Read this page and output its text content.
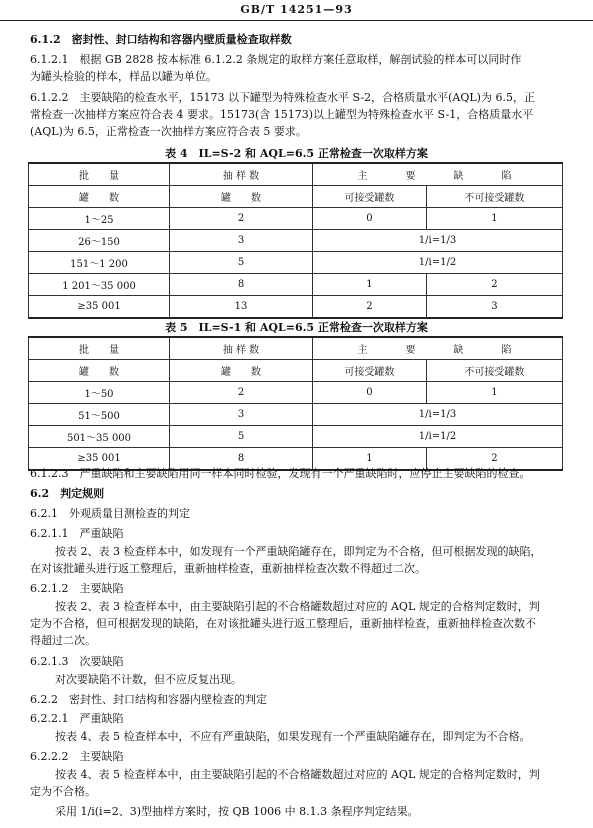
GB/T 14251—93
6.1.2　密封性、封口结构和容器内壁质量检查取样数
6.1.2.1　根据 GB 2828 按本标准 6.1.2.2 条规定的取样方案任意取样，解剖试验的样本可以同时作
为罐头检验的样本，样品以罐为单位。
6.1.2.2　主要缺陷的检查水平，15173 以下罐型为特殊检查水平 S-2，合格质量水平(AQL)为 6.5，正
常检查一次抽样方案应符合表 4 要求。15173(含 15173)以上罐型为特殊检查水平 S-1，合格质量水平
(AQL)为 6.5，正常检查一次抽样方案应符合表 5 要求。
表 4　IL=S-2 和 AQL=6.5 正常检查一次取样方案
批　　量	抽 样 数	主　　要　　缺　　陷	
罐　　数	罐　　数	可接受罐数	不可接受罐数
1～25	2	0	1
26～150	3	1/i=1/3	
151～1 200	5	1/i=1/2	
1 201～35 000	8	1	2
≥35 001	13	2	3
表 5　IL=S-1 和 AQL=6.5 正常检查一次取样方案
批　　量	抽 样 数	主　　要　　缺　　陷	
罐　　数	罐　　数	可接受罐数	不可接受罐数
1～50	2	0	1
51～500	3	1/i=1/3	
501～35 000	5	1/i=1/2	
≥35 001	8	1	2
6.1.2.3　严重缺陷和主要缺陷用同一样本同时检验，发现有一个严重缺陷时，应停止主要缺陷的检查。
6.2　判定规则
6.2.1　外观质量目测检查的判定
6.2.1.1　严重缺陷
按表 2、表 3 检查样本中，如发现有一个严重缺陷罐存在，即判定为不合格，但可根据发现的缺陷，
在对该批罐头进行返工整理后，重新抽样检查，重新抽样检查次数不得超过二次。
6.2.1.2　主要缺陷
按表 2、表 3 检查样本中，由主要缺陷引起的不合格罐数超过对应的 AQL 规定的合格判定数时，判
定为不合格，但可根据发现的缺陷，在对该批罐头进行返工整理后，重新抽样检查，重新抽样检查次数不
得超过二次。
6.2.1.3　次要缺陷
对次要缺陷不计数，但不应反复出现。
6.2.2　密封性、封口结构和容器内壁检查的判定
6.2.2.1　严重缺陷
按表 4、表 5 检查样本中，不应有严重缺陷，如果发现有一个严重缺陷罐存在，即判定为不合格。
6.2.2.2　主要缺陷
按表 4、表 5 检查样本中，由主要缺陷引起的不合格罐数超过对应的 AQL 规定的合格判定数时，判
定为不合格。
采用 1/i(i=2、3)型抽样方案时，按 QB 1006 中 8.1.3 条程序判定结果。
